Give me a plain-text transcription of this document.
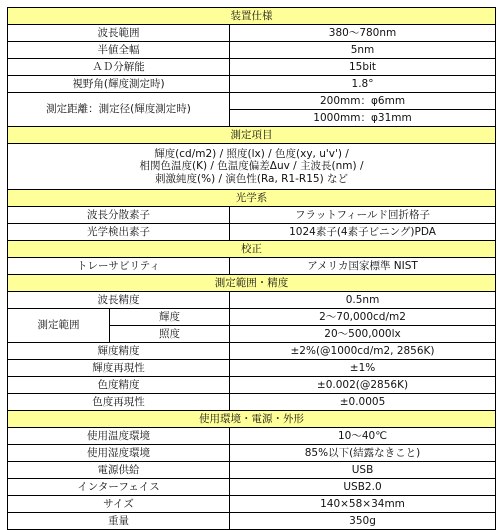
装置仕様		
波長範囲		380〜780nm
半値全幅		5nm
ＡＤ分解能		15bit
視野角(輝度測定時)		1.8°
測定距離：測定径(輝度測定時)		200mm：φ6mm
		1000mm：φ31mm
測定項目		

輝度(cd/m2) / 照度(lx) / 色度(xy, u'v') /
相関色温度(K) / 色温度偏差Δuv / 主波長(nm) /
刺激純度(%) / 演色性(Ra, R1-R15) など		

光学系		
波長分散素子		フラットフィールド回折格子
光学検出素子		1024素子(4素子ビニング)PDA
校正		
トレーサビリティ		アメリカ国家標準 NIST
測定範囲・精度		
波長精度		0.5nm
測定範囲	輝度	2〜70,000cd/m2
	照度	20〜500,000lx
輝度精度		±2%(@1000cd/m2, 2856K)
輝度再現性		±1%
色度精度		±0.002(@2856K)
色度再現性		±0.0005
使用環境・電源・外形		
使用温度環境		10〜40℃
使用湿度環境		85%以下(結露なきこと)
電源供給		USB
インターフェイス		USB2.0
サイズ		140×58×34mm
重量		350g
